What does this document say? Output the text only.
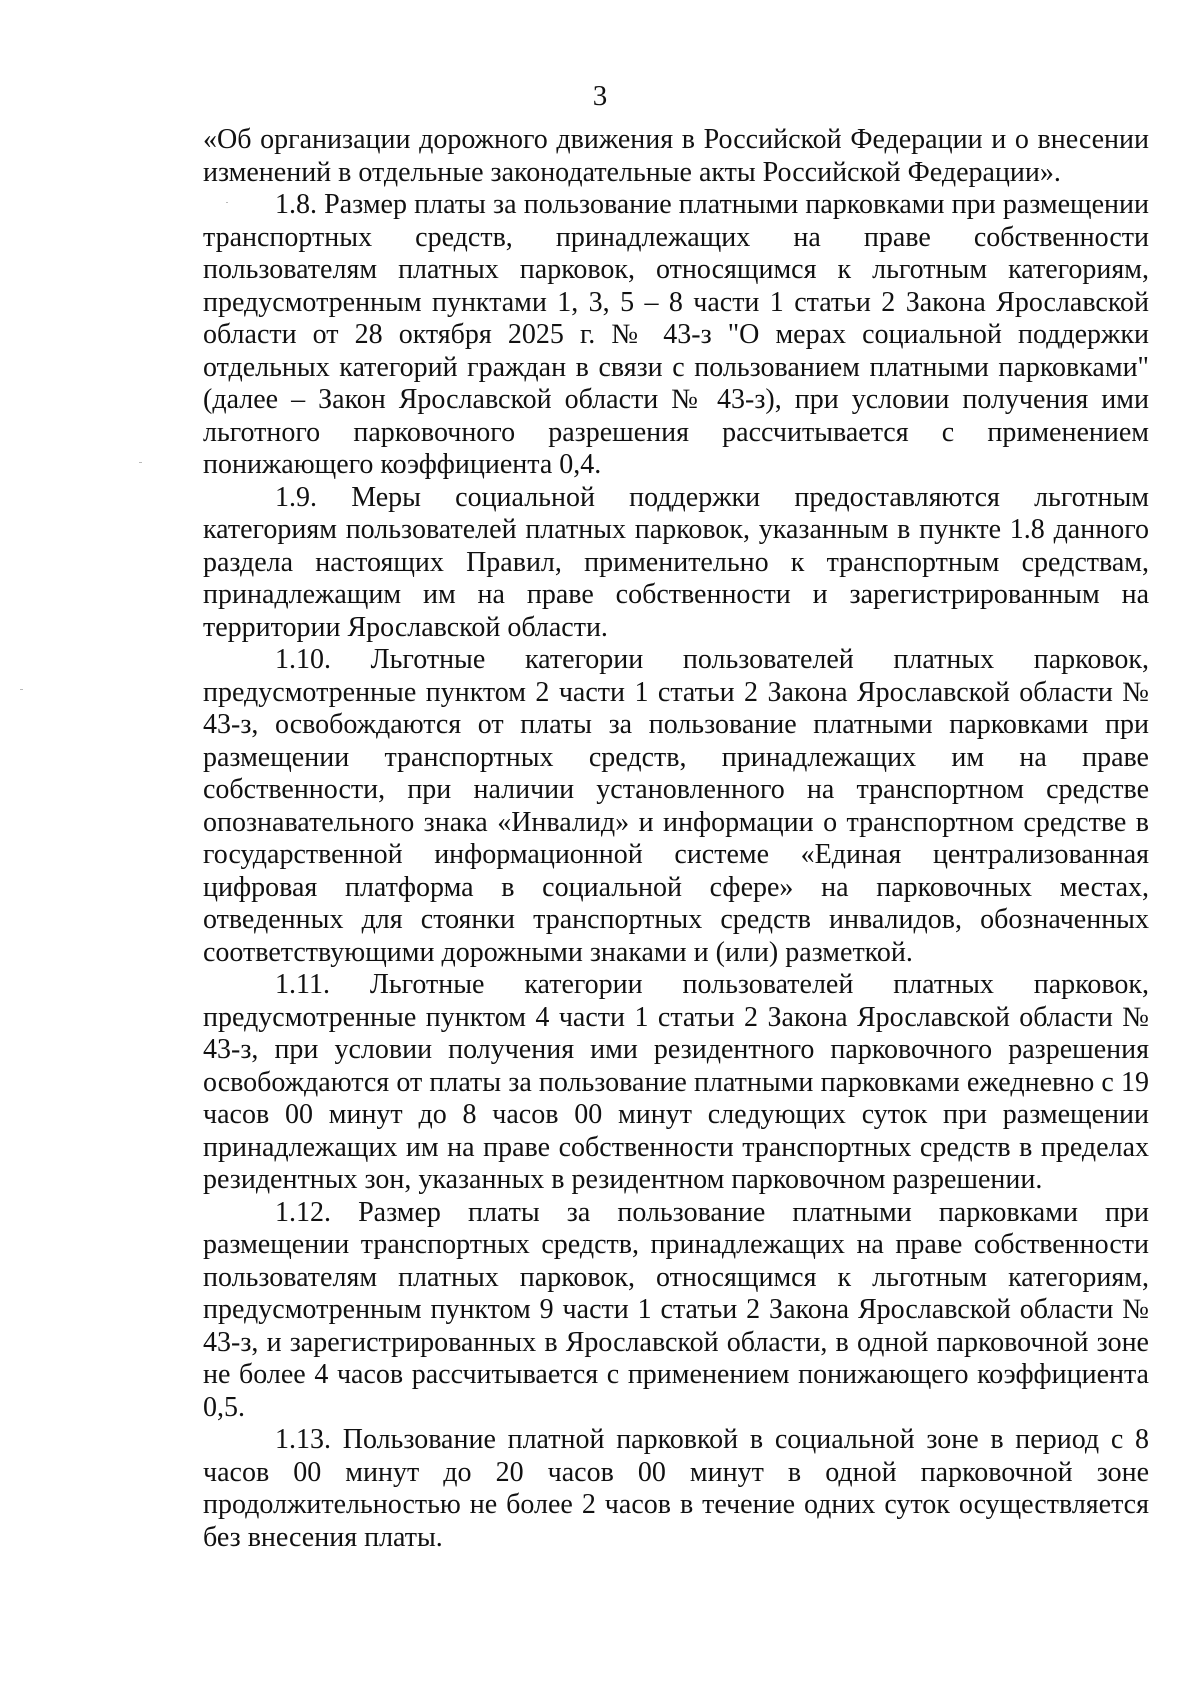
3

«Об организации дорожного движения в Российской Федерации и о внесении изменений в отдельные законодательные акты Российской Федерации».

1.8. Размер платы за пользование платными парковками при размещении транспортных средств, принадлежащих на праве собственности пользователям платных парковок, относящимся к льготным категориям, предусмотренным пунктами 1, 3, 5 – 8 части 1 статьи 2 Закона Ярославской области от 28 октября 2025 г. № 43-з "О мерах социальной поддержки отдельных категорий граждан в связи с пользованием платными парковками" (далее – Закон Ярославской области № 43-з), при условии получения ими льготного парковочного разрешения рассчитывается с применением понижающего коэффициента 0,4.

1.9. Меры социальной поддержки предоставляются льготным категориям пользователей платных парковок, указанным в пункте 1.8 данного раздела настоящих Правил, применительно к транспортным средствам, принадлежащим им на праве собственности и зарегистрированным на территории Ярославской области.

1.10. Льготные категории пользователей платных парковок, предусмотренные пунктом 2 части 1 статьи 2 Закона Ярославской области № 43-з, освобождаются от платы за пользование платными парковками при размещении транспортных средств, принадлежащих им на праве собственности, при наличии установленного на транспортном средстве опознавательного знака «Инвалид» и информации о транспортном средстве в государственной информационной системе «Единая централизованная цифровая платформа в социальной сфере» на парковочных местах, отведенных для стоянки транспортных средств инвалидов, обозначенных соответствующими дорожными знаками и (или) разметкой.

1.11. Льготные категории пользователей платных парковок, предусмотренные пунктом 4 части 1 статьи 2 Закона Ярославской области № 43-з, при условии получения ими резидентного парковочного разрешения освобождаются от платы за пользование платными парковками ежедневно с 19 часов 00 минут до 8 часов 00 минут следующих суток при размещении принадлежащих им на праве собственности транспортных средств в пределах резидентных зон, указанных в резидентном парковочном разрешении.

1.12. Размер платы за пользование платными парковками при размещении транспортных средств, принадлежащих на праве собственности пользователям платных парковок, относящимся к льготным категориям, предусмотренным пунктом 9 части 1 статьи 2 Закона Ярославской области № 43-з, и зарегистрированных в Ярославской области, в одной парковочной зоне не более 4 часов рассчитывается с применением понижающего коэффициента 0,5.

1.13. Пользование платной парковкой в социальной зоне в период с 8 часов 00 минут до 20 часов 00 минут в одной парковочной зоне продолжительностью не более 2 часов в течение одних суток осуществляется без внесения платы.
